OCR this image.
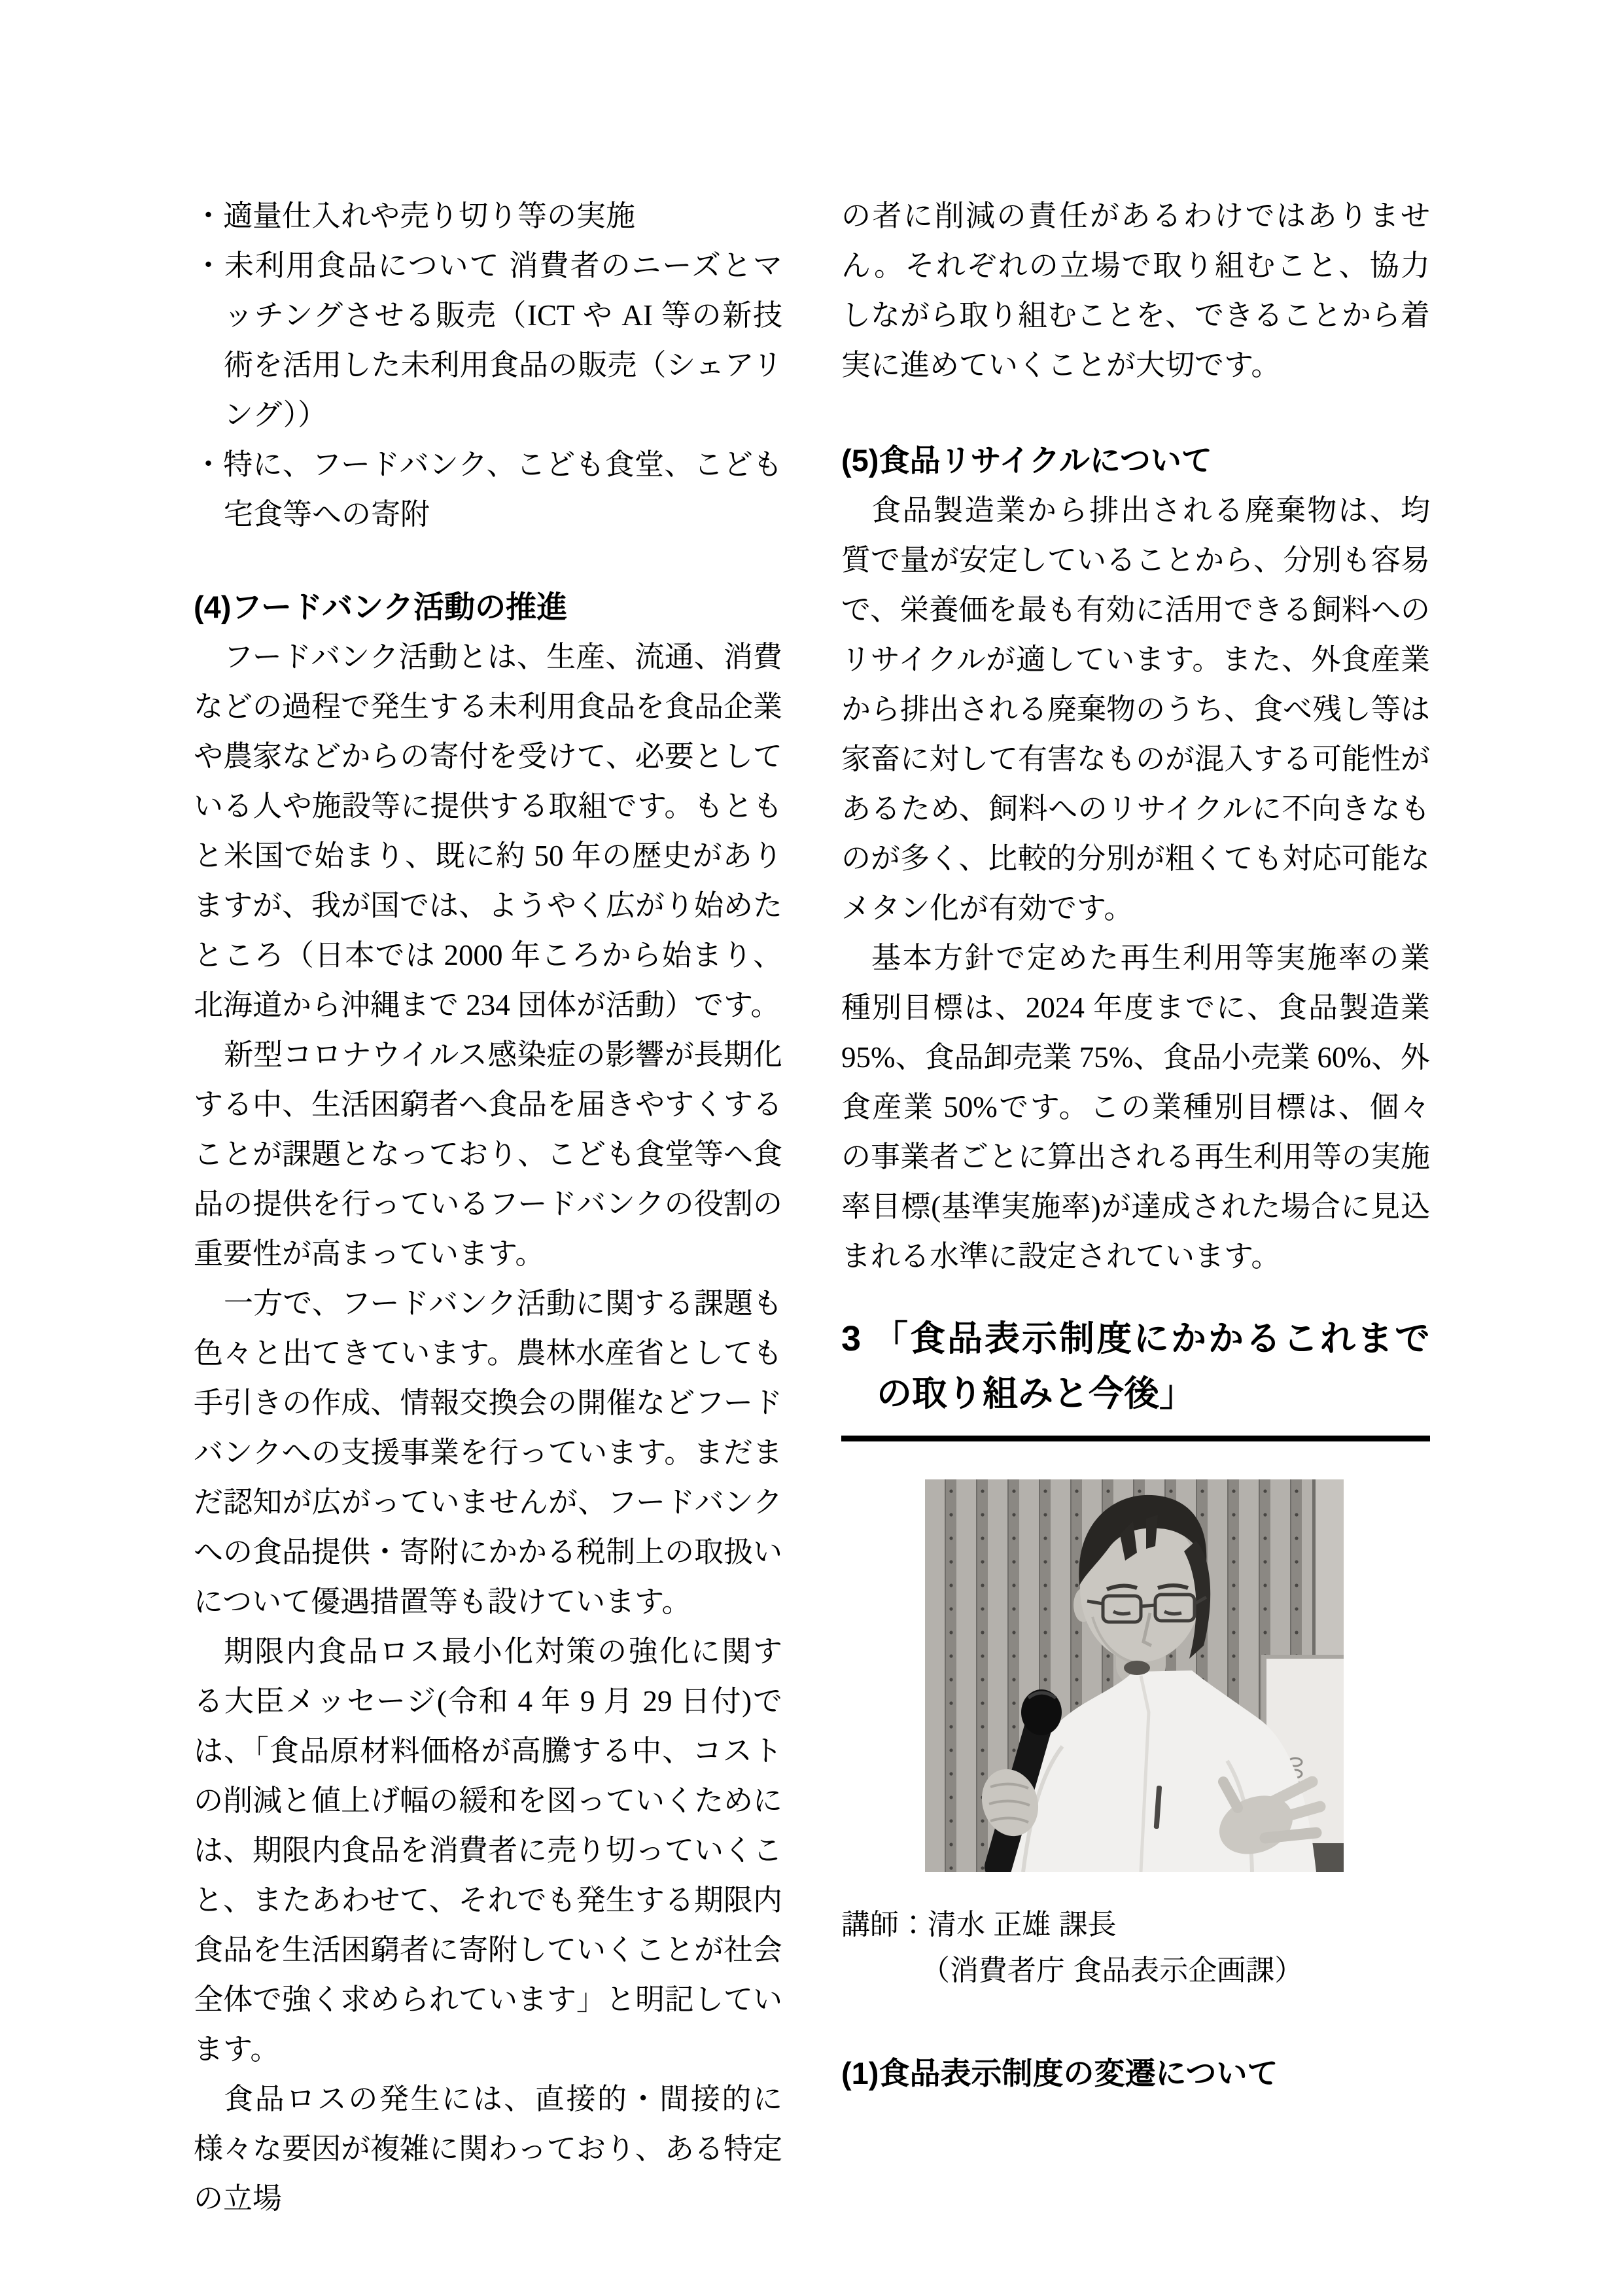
・適量仕入れや売り切り等の実施
・未利用食品について 消費者のニーズとマッチングさせる販売（ICT や AI 等の新技術を活用した未利用食品の販売（シェアリング））
・特に、フードバンク、こども食堂、こども宅食等への寄附
(4)フードバンク活動の推進

フードバンク活動とは、生産、流通、消費などの過程で発生する未利用食品を食品企業や農家などからの寄付を受けて、必要としている人や施設等に提供する取組です。もともと米国で始まり、既に約 50 年の歴史がありますが、我が国では、ようやく広がり始めたところ（日本では 2000 年ころから始まり、北海道から沖縄まで 234 団体が活動）です。

新型コロナウイルス感染症の影響が長期化する中、生活困窮者へ食品を届きやすくすることが課題となっており、こども食堂等へ食品の提供を行っているフードバンクの役割の重要性が高まっています。

一方で、フードバンク活動に関する課題も色々と出てきています。農林水産省としても手引きの作成、情報交換会の開催などフードバンクへの支援事業を行っています。まだまだ認知が広がっていませんが、フードバンクへの食品提供・寄附にかかる税制上の取扱いについて優遇措置等も設けています。

期限内食品ロス最小化対策の強化に関する大臣メッセージ(令和 4 年 9 月 29 日付)では、「食品原材料価格が高騰する中、コストの削減と値上げ幅の緩和を図っていくためには、期限内食品を消費者に売り切っていくこと、またあわせて、それでも発生する期限内食品を生活困窮者に寄附していくことが社会全体で強く求められています」と明記しています。

食品ロスの発生には、直接的・間接的に様々な要因が複雑に関わっており、ある特定の立場

の者に削減の責任があるわけではありません。それぞれの立場で取り組むこと、協力しながら取り組むことを、できることから着実に進めていくことが大切です。

(5)食品リサイクルについて

食品製造業から排出される廃棄物は、均質で量が安定していることから、分別も容易で、栄養価を最も有効に活用できる飼料へのリサイクルが適しています。また、外食産業から排出される廃棄物のうち、食べ残し等は家畜に対して有害なものが混入する可能性があるため、飼料へのリサイクルに不向きなものが多く、比較的分別が粗くても対応可能なメタン化が有効です。

基本方針で定めた再生利用等実施率の業種別目標は、2024 年度までに、食品製造業 95%、食品卸売業 75%、食品小売業 60%、外食産業 50%です。この業種別目標は、個々の事業者ごとに算出される再生利用等の実施率目標(基準実施率)が達成された場合に見込まれる水準に設定されています。

3 「食品表示制度にかかるこれまでの取り組みと今後」

講師：清水 正雄 課長

（消費者庁 食品表示企画課）

(1)食品表示制度の変遷について
